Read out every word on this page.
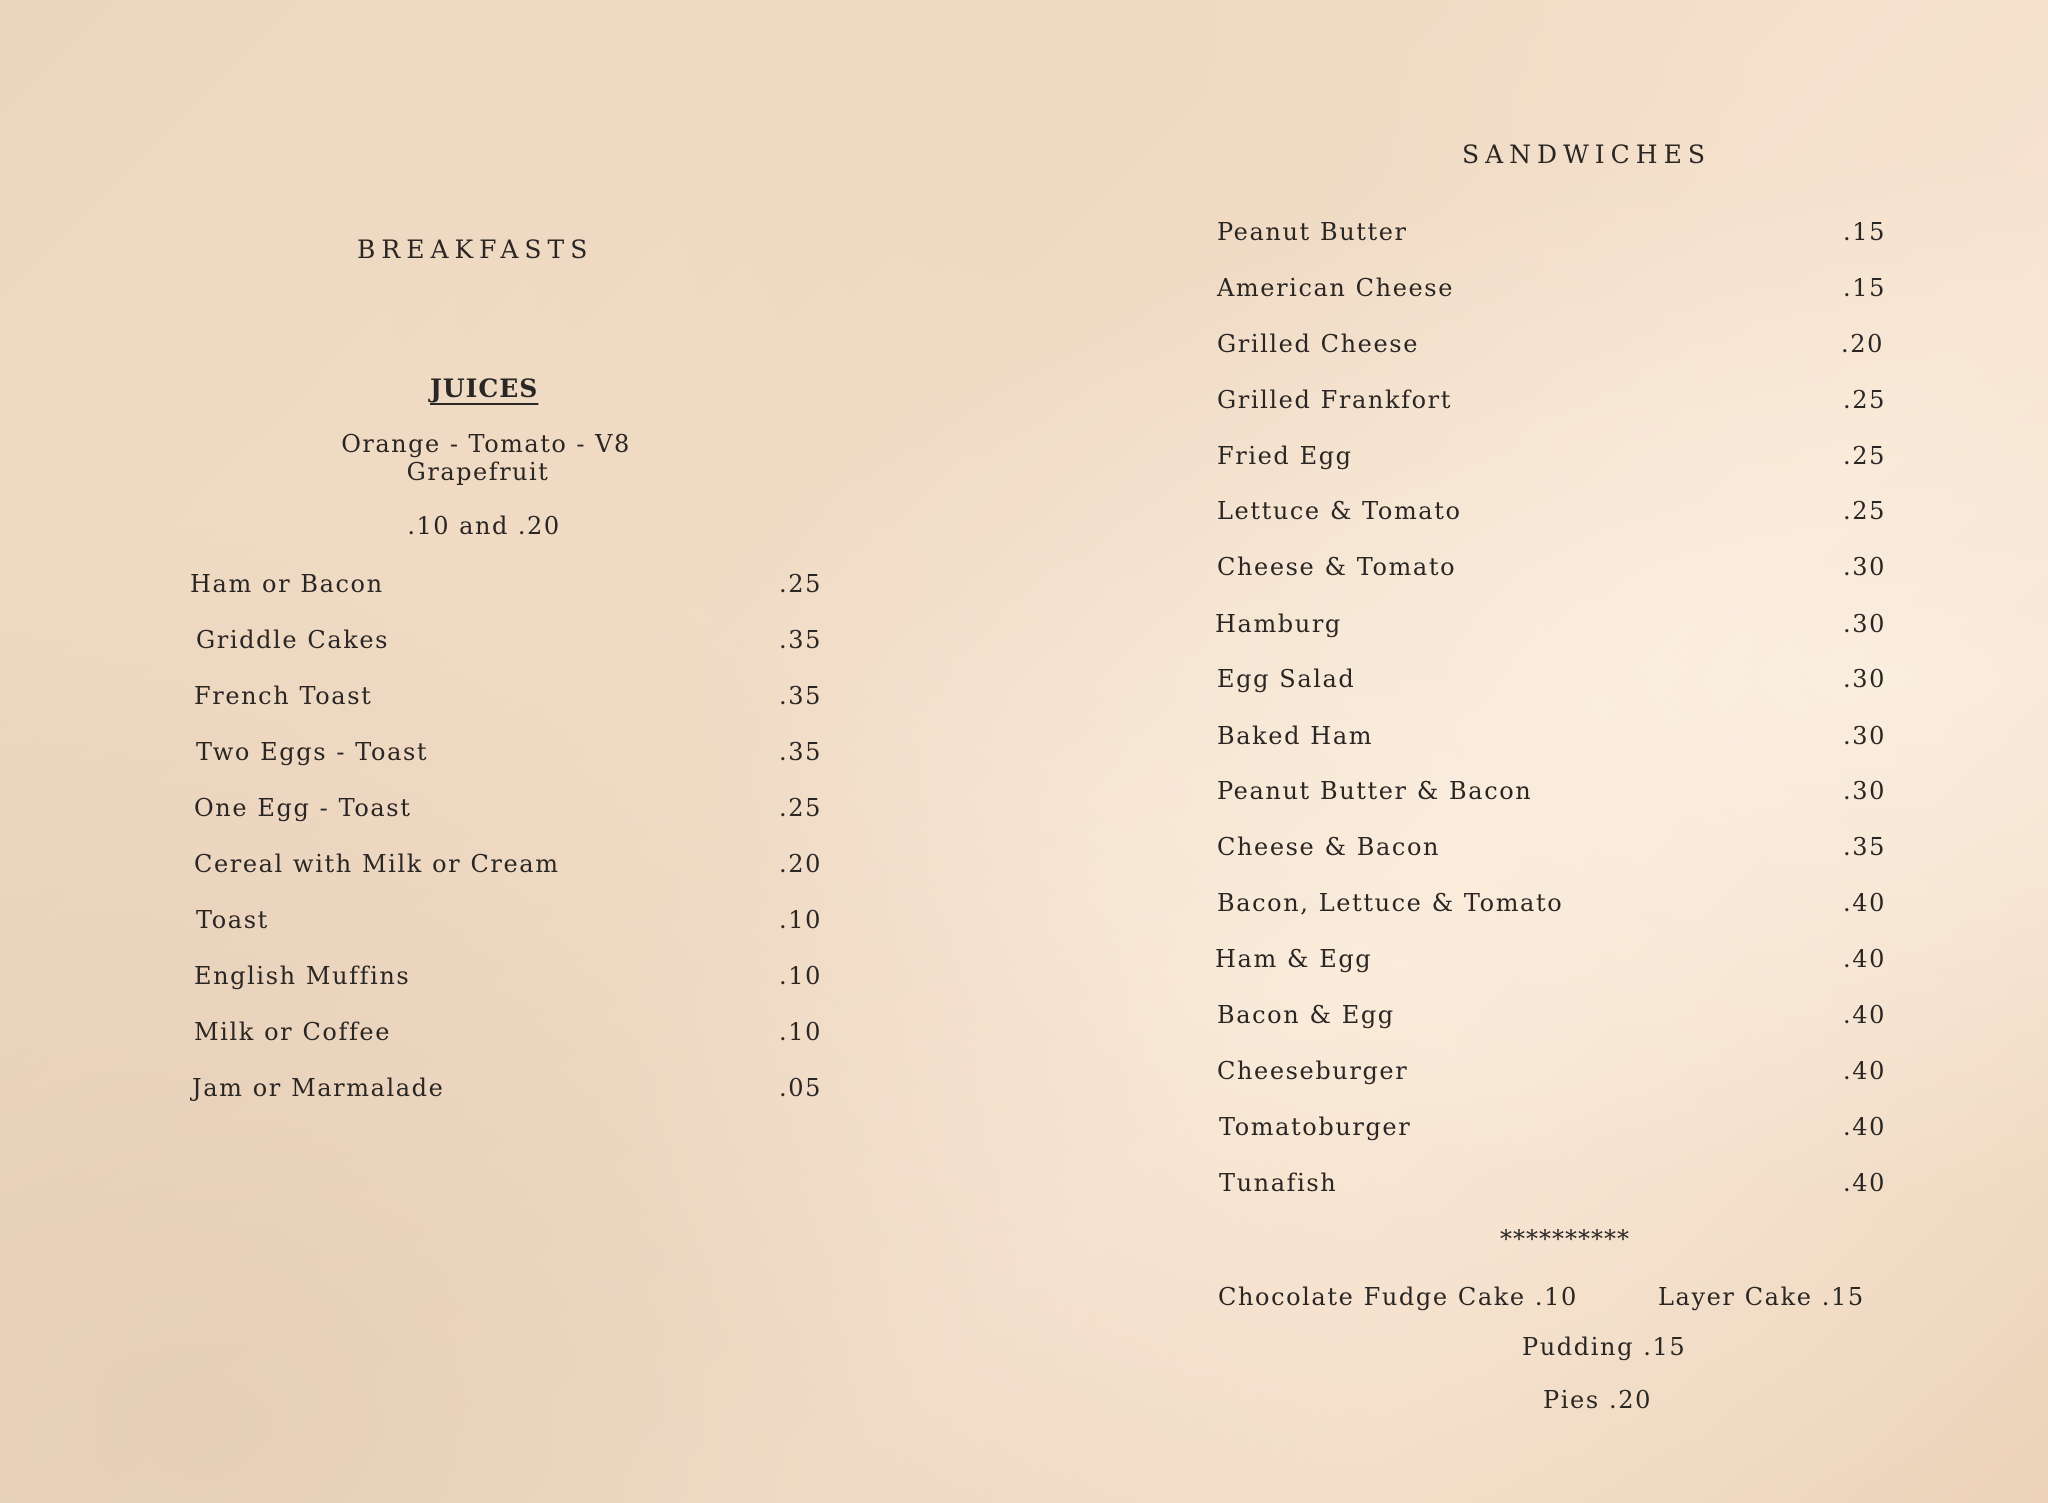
BREAKFASTS
JUICES
Orange - Tomato - V8
Grapefruit
.10 and .20
Ham or Bacon	.25
Griddle Cakes	.35
French Toast	.35
Two Eggs - Toast	.35
One Egg - Toast	.25
Cereal with Milk or Cream	.20
Toast	.10
English Muffins	.10
Milk or Coffee	.10
Jam or Marmalade	.05
SANDWICHES
Peanut Butter	.15
American Cheese	.15
Grilled Cheese	.20
Grilled Frankfort	.25
Fried Egg	.25
Lettuce & Tomato	.25
Cheese & Tomato	.30
Hamburg	.30
Egg Salad	.30
Baked Ham	.30
Peanut Butter & Bacon	.30
Cheese & Bacon	.35
Bacon, Lettuce & Tomato	.40
Ham & Egg	.40
Bacon & Egg	.40
Cheeseburger	.40
Tomatoburger	.40
Tunafish	.40
**********
Chocolate Fudge Cake .10	Layer Cake .15
Pudding .15
Pies .20
